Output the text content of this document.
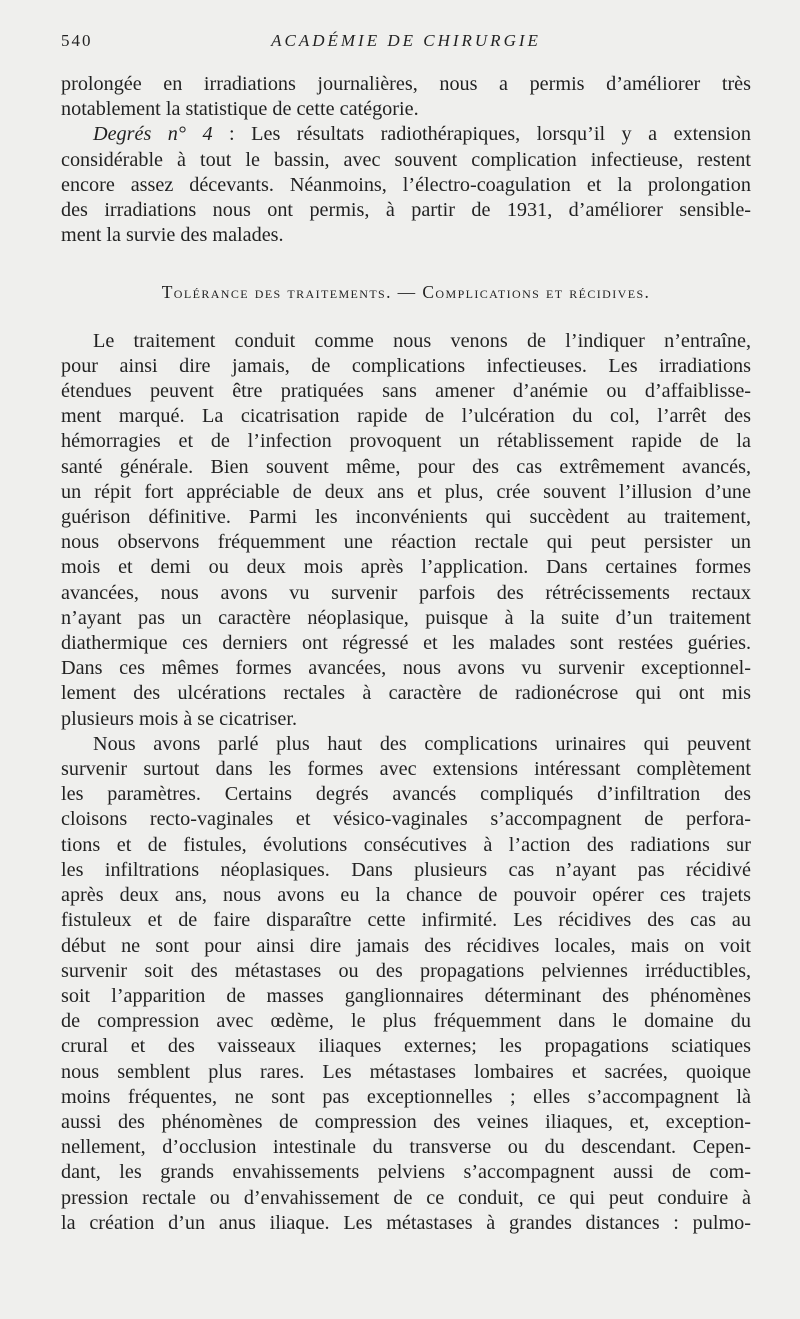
540	ACADÉMIE DE CHIRURGIE
prolongée en irradiations journalières, nous a permis d’améliorer très
notablement la statistique de cette catégorie.
Degrés n° 4 : Les résultats radiothérapiques, lorsqu’il y a extension
considérable à tout le bassin, avec souvent complication infectieuse, restent
encore assez décevants. Néanmoins, l’électro-coagulation et la prolongation
des irradiations nous ont permis, à partir de 1931, d’améliorer sensible-
ment la survie des malades.
Tolérance des traitements. — Complications et récidives.
Le traitement conduit comme nous venons de l’indiquer n’entraîne,
pour ainsi dire jamais, de complications infectieuses. Les irradiations
étendues peuvent être pratiquées sans amener d’anémie ou d’affaiblisse-
ment marqué. La cicatrisation rapide de l’ulcération du col, l’arrêt des
hémorragies et de l’infection provoquent un rétablissement rapide de la
santé générale. Bien souvent même, pour des cas extrêmement avancés,
un répit fort appréciable de deux ans et plus, crée souvent l’illusion d’une
guérison définitive. Parmi les inconvénients qui succèdent au traitement,
nous observons fréquemment une réaction rectale qui peut persister un
mois et demi ou deux mois après l’application. Dans certaines formes
avancées, nous avons vu survenir parfois des rétrécissements rectaux
n’ayant pas un caractère néoplasique, puisque à la suite d’un traitement
diathermique ces derniers ont régressé et les malades sont restées guéries.
Dans ces mêmes formes avancées, nous avons vu survenir exceptionnel-
lement des ulcérations rectales à caractère de radionécrose qui ont mis
plusieurs mois à se cicatriser.
Nous avons parlé plus haut des complications urinaires qui peuvent
survenir surtout dans les formes avec extensions intéressant complètement
les paramètres. Certains degrés avancés compliqués d’infiltration des
cloisons recto-vaginales et vésico-vaginales s’accompagnent de perfora-
tions et de fistules, évolutions consécutives à l’action des radiations sur
les infiltrations néoplasiques. Dans plusieurs cas n’ayant pas récidivé
après deux ans, nous avons eu la chance de pouvoir opérer ces trajets
fistuleux et de faire disparaître cette infirmité. Les récidives des cas au
début ne sont pour ainsi dire jamais des récidives locales, mais on voit
survenir soit des métastases ou des propagations pelviennes irréductibles,
soit l’apparition de masses ganglionnaires déterminant des phénomènes
de compression avec œdème, le plus fréquemment dans le domaine du
crural et des vaisseaux iliaques externes; les propagations sciatiques
nous semblent plus rares. Les métastases lombaires et sacrées, quoique
moins fréquentes, ne sont pas exceptionnelles ; elles s’accompagnent là
aussi des phénomènes de compression des veines iliaques, et, exception-
nellement, d’occlusion intestinale du transverse ou du descendant. Cepen-
dant, les grands envahissements pelviens s’accompagnent aussi de com-
pression rectale ou d’envahissement de ce conduit, ce qui peut conduire à
la création d’un anus iliaque. Les métastases à grandes distances : pulmo-
